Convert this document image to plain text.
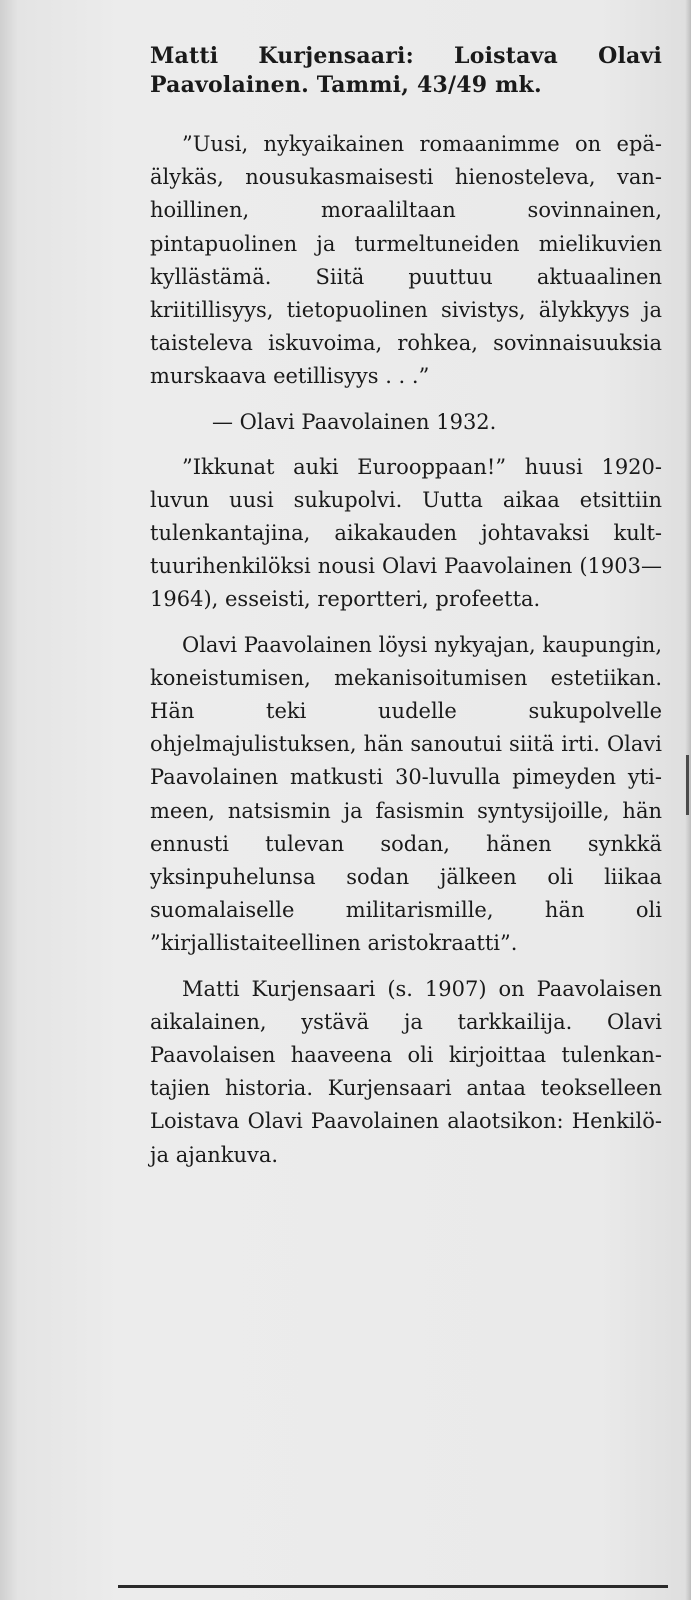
Matti Kurjensaari: Loistava Olavi Paavolainen. Tammi, 43/49 mk.

”Uusi, nykyaikainen romaanimme on epä-älykäs, nousukasmaisesti hienosteleva, vanhoillinen, moraaliltaan sovinnainen, pintapuolinen ja turmeltuneiden mielikuvien kyllästämä. Siitä puuttuu aktuaalinen kriitillisyys, tietopuolinen sivistys, älykkyys ja taisteleva iskuvoima, rohkea, sovinnaisuuksia murskaava eetillisyys . . .”

— Olavi Paavolainen 1932.

”Ikkunat auki Eurooppaan!” huusi 1920-luvun uusi sukupolvi. Uutta aikaa etsittiin tulenkantajina, aikakauden johtavaksi kulttuurihenkilöksi nousi Olavi Paavolainen (1903—1964), esseisti, reportteri, profeetta.

Olavi Paavolainen löysi nykyajan, kaupungin, koneistumisen, mekanisoitumisen estetiikan. Hän teki uudelle sukupolvelle ohjelmajulistuksen, hän sanoutui siitä irti. Olavi Paavolainen matkusti 30-luvulla pimeyden ytimeen, natsismin ja fasismin syntysijoille, hän ennusti tulevan sodan, hänen synkkä yksinpuhelunsa sodan jälkeen oli liikaa suomalaiselle militarismille, hän oli ”kirjallistaiteellinen aristokraatti”.

Matti Kurjensaari (s. 1907) on Paavolaisen aikalainen, ystävä ja tarkkailija. Olavi Paavolaisen haaveena oli kirjoittaa tulenkantajien historia. Kurjensaari antaa teokselleen Loistava Olavi Paavolainen alaotsikon: Henkilöja ajankuva.
